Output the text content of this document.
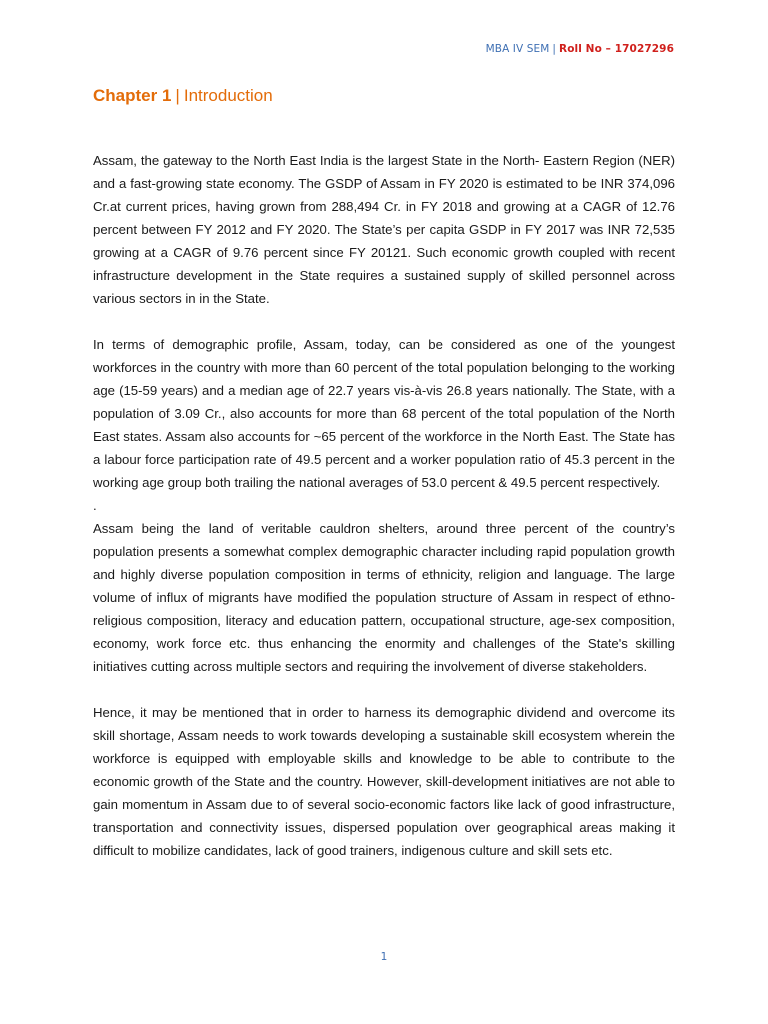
MBA IV SEM | Roll No – 17027296
Chapter 1 | Introduction

Assam, the gateway to the North East India is the largest State in the North- Eastern Region (NER) and a fast-growing state economy. The GSDP of Assam in FY 2020 is estimated to be INR 374,096 Cr.at current prices, having grown from 288,494 Cr. in FY 2018 and growing at a CAGR of 12.76 percent between FY 2012 and FY 2020. The State’s per capita GSDP in FY 2017 was INR 72,535 growing at a CAGR of 9.76 percent since FY 20121. Such economic growth coupled with recent infrastructure development in the State requires a sustained supply of skilled personnel across various sectors in in the State.

In terms of demographic profile, Assam, today, can be considered as one of the youngest workforces in the country with more than 60 percent of the total population belonging to the working age (15-59 years) and a median age of 22.7 years vis-à-vis 26.8 years nationally. The State, with a population of 3.09 Cr., also accounts for more than 68 percent of the total population of the North East states. Assam also accounts for ~65 percent of the workforce in the North East. The State has a labour force participation rate of 49.5 percent and a worker population ratio of 45.3 percent in the working age group both trailing the national averages of 53.0 percent & 49.5 percent respectively.

.

Assam being the land of veritable cauldron shelters, around three percent of the country’s population presents a somewhat complex demographic character including rapid population growth and highly diverse population composition in terms of ethnicity, religion and language. The large volume of influx of migrants have modified the population structure of Assam in respect of ethno-religious composition, literacy and education pattern, occupational structure, age-sex composition, economy, work force etc. thus enhancing the enormity and challenges of the State's skilling initiatives cutting across multiple sectors and requiring the involvement of diverse stakeholders.

Hence, it may be mentioned that in order to harness its demographic dividend and overcome its skill shortage, Assam needs to work towards developing a sustainable skill ecosystem wherein the workforce is equipped with employable skills and knowledge to be able to contribute to the economic growth of the State and the country. However, skill-development initiatives are not able to gain momentum in Assam due to of several socio-economic factors like lack of good infrastructure, transportation and connectivity issues, dispersed population over geographical areas making it difficult to mobilize candidates, lack of good trainers, indigenous culture and skill sets etc.

1
